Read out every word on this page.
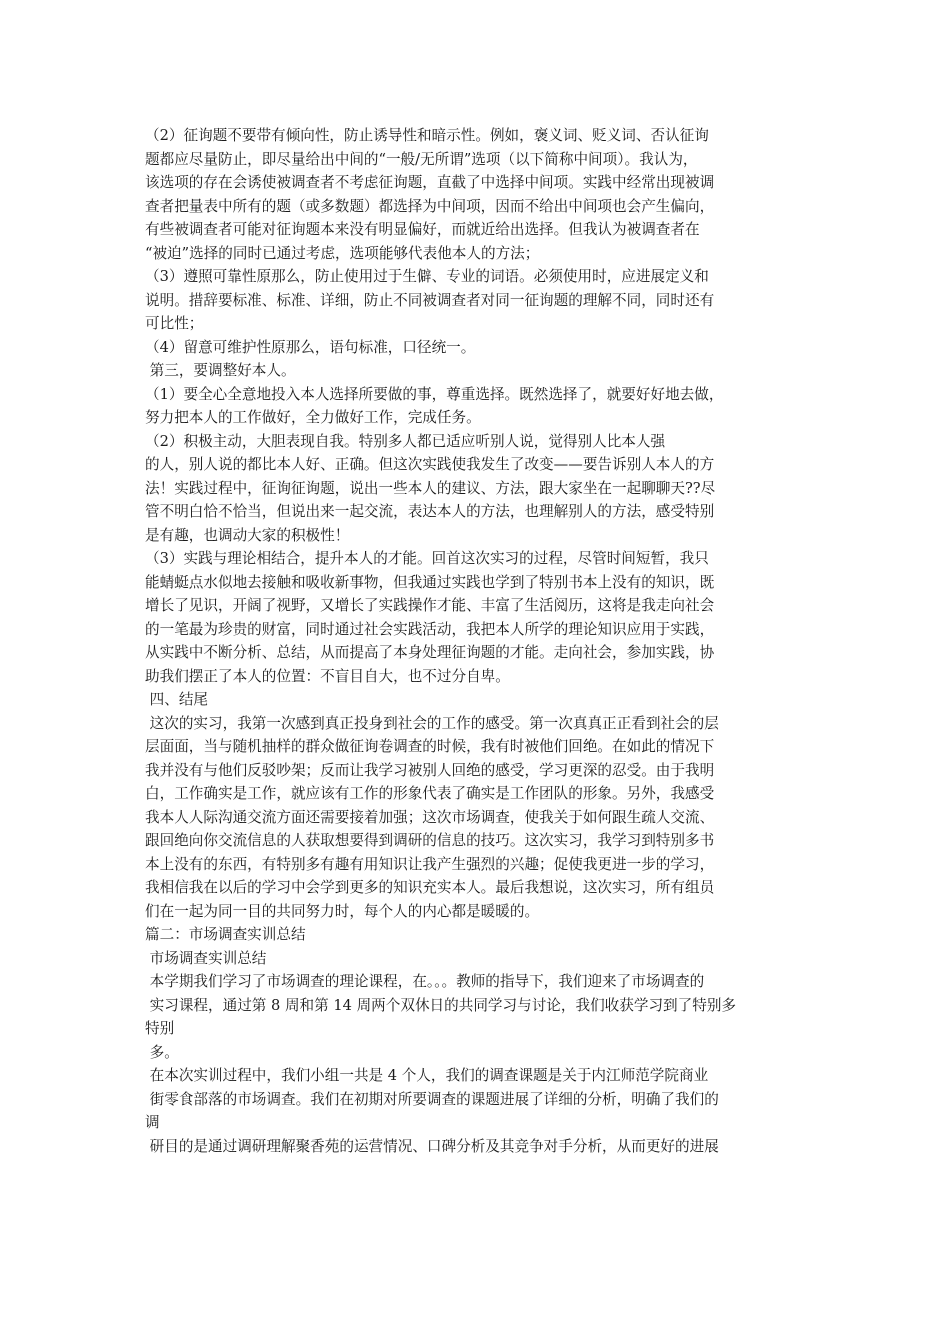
（2）征询题不要带有倾向性，防止诱导性和暗示性。例如，褒义词、贬义词、否认征询
题都应尽量防止，即尽量给出中间的“一般/无所谓”选项（以下简称中间项）。我认为，
该选项的存在会诱使被调查者不考虑征询题，直截了中选择中间项。实践中经常出现被调
查者把量表中所有的题（或多数题）都选择为中间项，因而不给出中间项也会产生偏向，
有些被调查者可能对征询题本来没有明显偏好，而就近给出选择。但我认为被调查者在
“被迫”选择的同时已通过考虑，选项能够代表他本人的方法；
（3）遵照可靠性原那么，防止使用过于生僻、专业的词语。必须使用时，应进展定义和
说明。措辞要标准、标准、详细，防止不同被调查者对同一征询题的理解不同，同时还有
可比性；
（4）留意可维护性原那么，语句标准，口径统一。
第三，要调整好本人。
（1）要全心全意地投入本人选择所要做的事，尊重选择。既然选择了，就要好好地去做，
努力把本人的工作做好，全力做好工作，完成任务。
（2）积极主动，大胆表现自我。特别多人都已适应听别人说，觉得别人比本人强
的人，别人说的都比本人好、正确。但这次实践使我发生了改变——要告诉别人本人的方
法！实践过程中，征询征询题，说出一些本人的建议、方法，跟大家坐在一起聊聊天??尽
管不明白恰不恰当，但说出来一起交流，表达本人的方法，也理解别人的方法，感受特别
是有趣，也调动大家的积极性！
（3）实践与理论相结合，提升本人的才能。回首这次实习的过程，尽管时间短暂，我只
能蜻蜓点水似地去接触和吸收新事物，但我通过实践也学到了特别书本上没有的知识，既
增长了见识，开阔了视野，又增长了实践操作才能、丰富了生活阅历，这将是我走向社会
的一笔最为珍贵的财富，同时通过社会实践活动，我把本人所学的理论知识应用于实践，
从实践中不断分析、总结，从而提高了本身处理征询题的才能。走向社会，参加实践，协
助我们摆正了本人的位置：不盲目自大，也不过分自卑。
四、结尾
这次的实习，我第一次感到真正投身到社会的工作的感受。第一次真真正正看到社会的层
层面面，当与随机抽样的群众做征询卷调查的时候，我有时被他们回绝。在如此的情况下
我并没有与他们反驳吵架；反而让我学习被别人回绝的感受，学习更深的忍受。由于我明
白，工作确实是工作，就应该有工作的形象代表了确实是工作团队的形象。另外，我感受
我本人人际沟通交流方面还需要接着加强；这次市场调查，使我关于如何跟生疏人交流、
跟回绝向你交流信息的人获取想要得到调研的信息的技巧。这次实习，我学习到特别多书
本上没有的东西，有特别多有趣有用知识让我产生强烈的兴趣；促使我更进一步的学习，
我相信我在以后的学习中会学到更多的知识充实本人。最后我想说，这次实习，所有组员
们在一起为同一目的共同努力时，每个人的内心都是暖暖的。
篇二：市场调查实训总结
市场调查实训总结
本学期我们学习了市场调查的理论课程，在。。。教师的指导下，我们迎来了市场调查的
实习课程，通过第 8 周和第 14 周两个双休日的共同学习与讨论，我们收获学习到了特别多
特别
多。
在本次实训过程中，我们小组一共是 4 个人，我们的调查课题是关于内江师范学院商业
街零食部落的市场调查。我们在初期对所要调查的课题进展了详细的分析，明确了我们的
调
研目的是通过调研理解聚香苑的运营情况、口碑分析及其竞争对手分析，从而更好的进展
